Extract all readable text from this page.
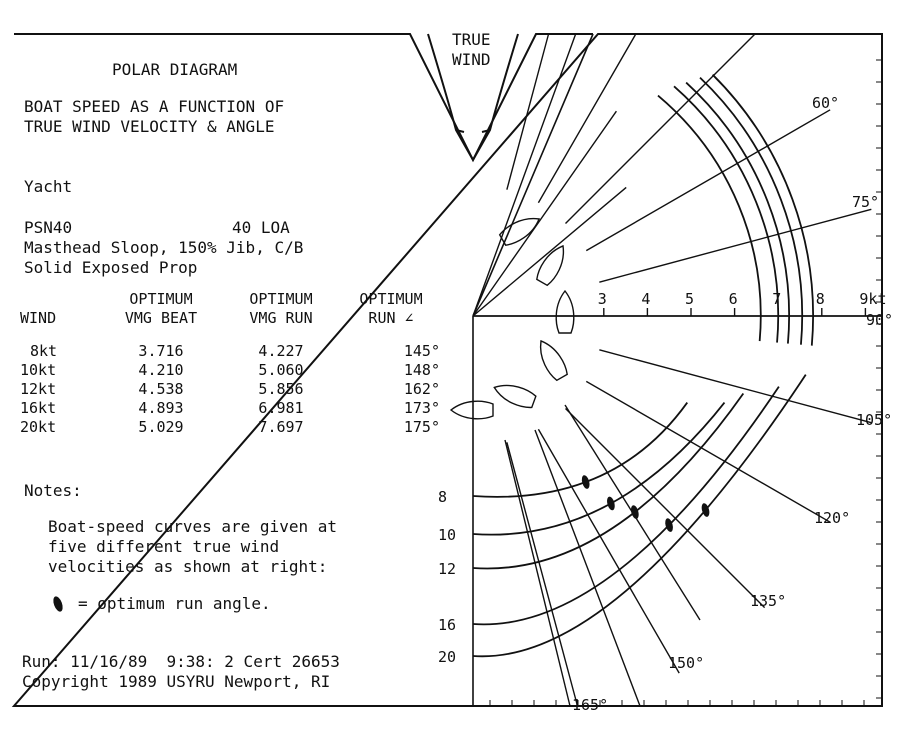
3 4 5 6 7 8 9kt
60°
75°
90°
105°
120°
135°
150°
165°
8
10
12
16
20
POLAR DIAGRAM
BOAT SPEED AS A FUNCTION OF
TRUE WIND VELOCITY & ANGLE
TRUE
WIND
Yacht
PSN40	40 LOA
Masthead Sloop, 150% Jib, C/B
Solid Exposed Prop
	OPTIMUM	OPTIMUM	OPTIMUM
WIND	VMG BEAT	VMG RUN	RUN ∠

8kt	3.716	4.227	145°
10kt	4.210	5.060	148°
12kt	4.538	5.856	162°
16kt	4.893	6.981	173°
20kt	5.029	7.697	175°
Notes:
Boat-speed curves are given at
five different true wind
velocities as shown at right:
= optimum run angle.
Run: 11/16/89  9:38: 2 Cert 26653
Copyright 1989 USYRU Newport, RI
